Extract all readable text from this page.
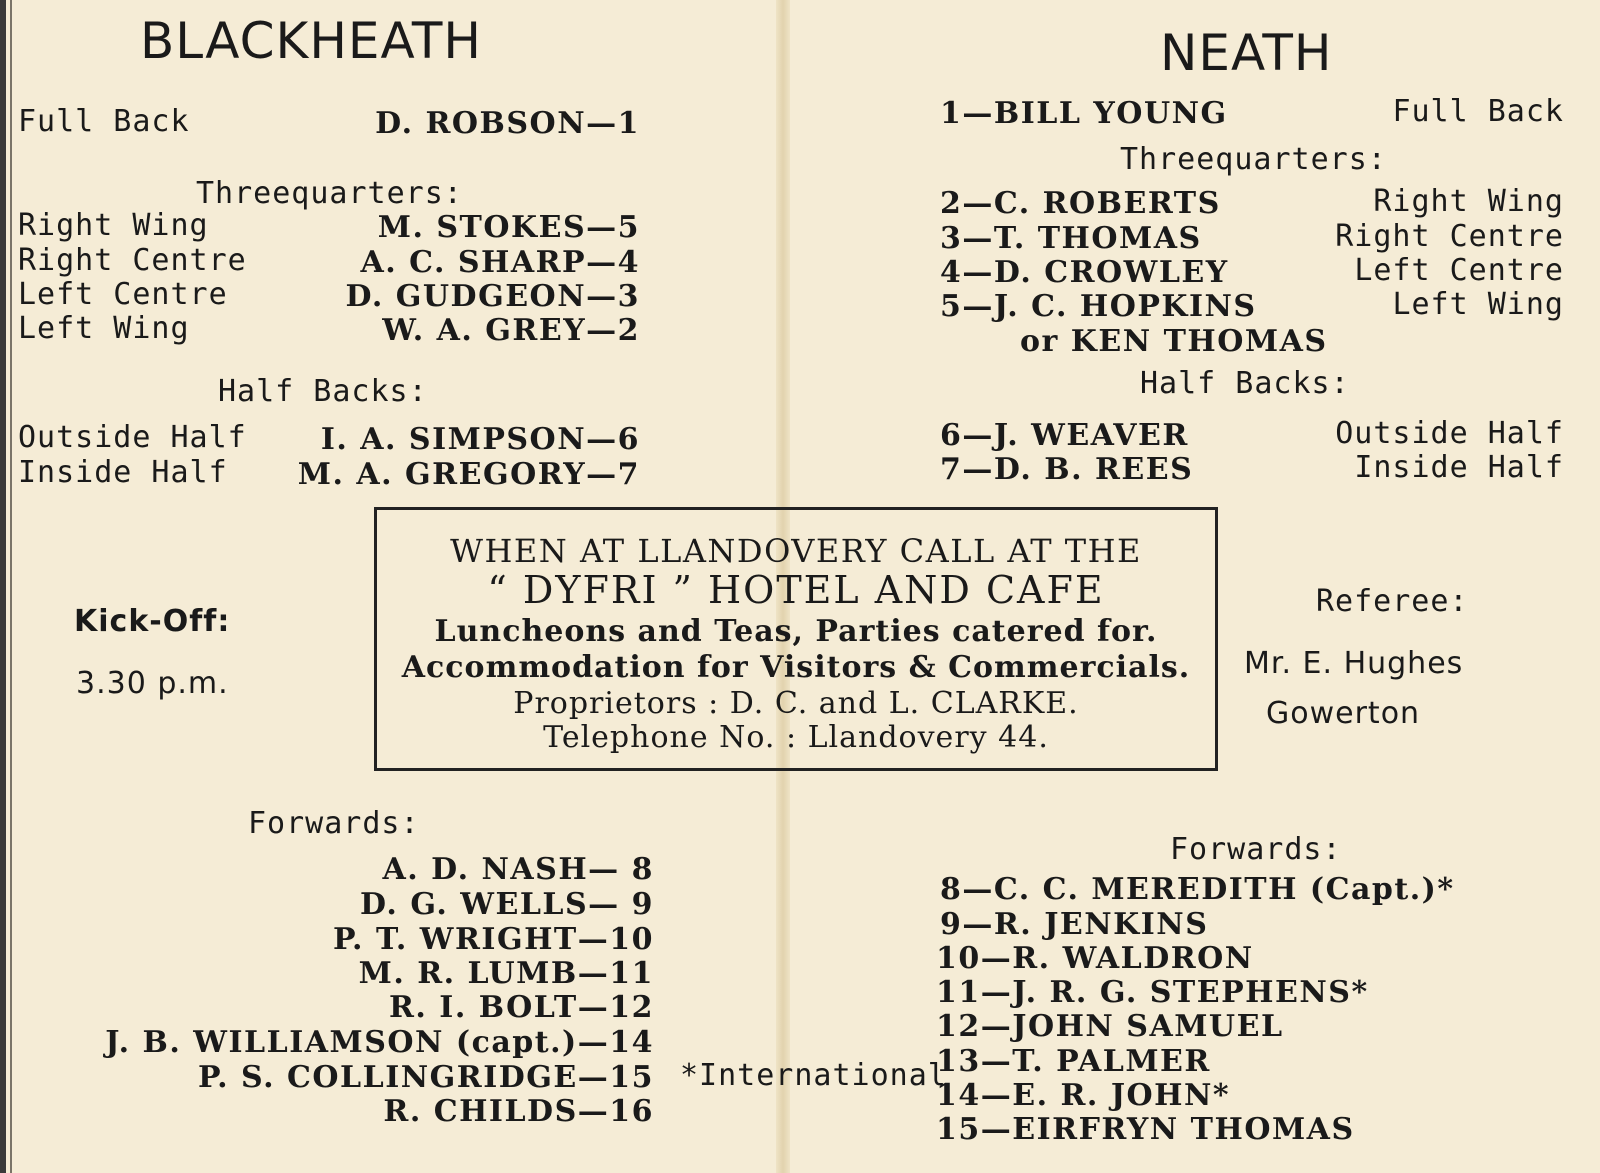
BLACKHEATH
Full Back	D. ROBSON—1
Threequarters:
Right Wing	M. STOKES—5
Right Centre	A. C. SHARP—4
Left Centre	D. GUDGEON—3
Left Wing	W. A. GREY—2
Half Backs:
Outside Half I. A. SIMPSON—6
Inside Half M. A. GREGORY—7
Kick-Off:
3.30 p.m.
Forwards:
A. D. NASH— 8
D. G. WELLS— 9
P. T. WRIGHT—10
M. R. LUMB—11
R. I. BOLT—12
J. B. WILLIAMSON (capt.)—14
P. S. COLLINGRIDGE—15
R. CHILDS—16
*International
NEATH
1—BILL YOUNG	Full Back
Threequarters:
2—C. ROBERTS	Right Wing
3—T. THOMAS	Right Centre
4—D. CROWLEY	Left Centre
5—J. C. HOPKINS	Left Wing
or KEN THOMAS
Half Backs:
6—J. WEAVER	Outside Half
7—D. B. REES	Inside Half
Referee:
Mr. E. Hughes
Gowerton
Forwards:
8—C. C. MEREDITH (Capt.)*
9—R. JENKINS
10—R. WALDRON
11—J. R. G. STEPHENS*
12—JOHN SAMUEL
13—T. PALMER
14—E. R. JOHN*
15—EIRFRYN THOMAS
WHEN AT LLANDOVERY CALL AT THE
“ DYFRI ” HOTEL AND CAFE
Luncheons and Teas, Parties catered for.
Accommodation for Visitors & Commercials.
Proprietors : D. C. and L. CLARKE.
Telephone No. : Llandovery 44.
